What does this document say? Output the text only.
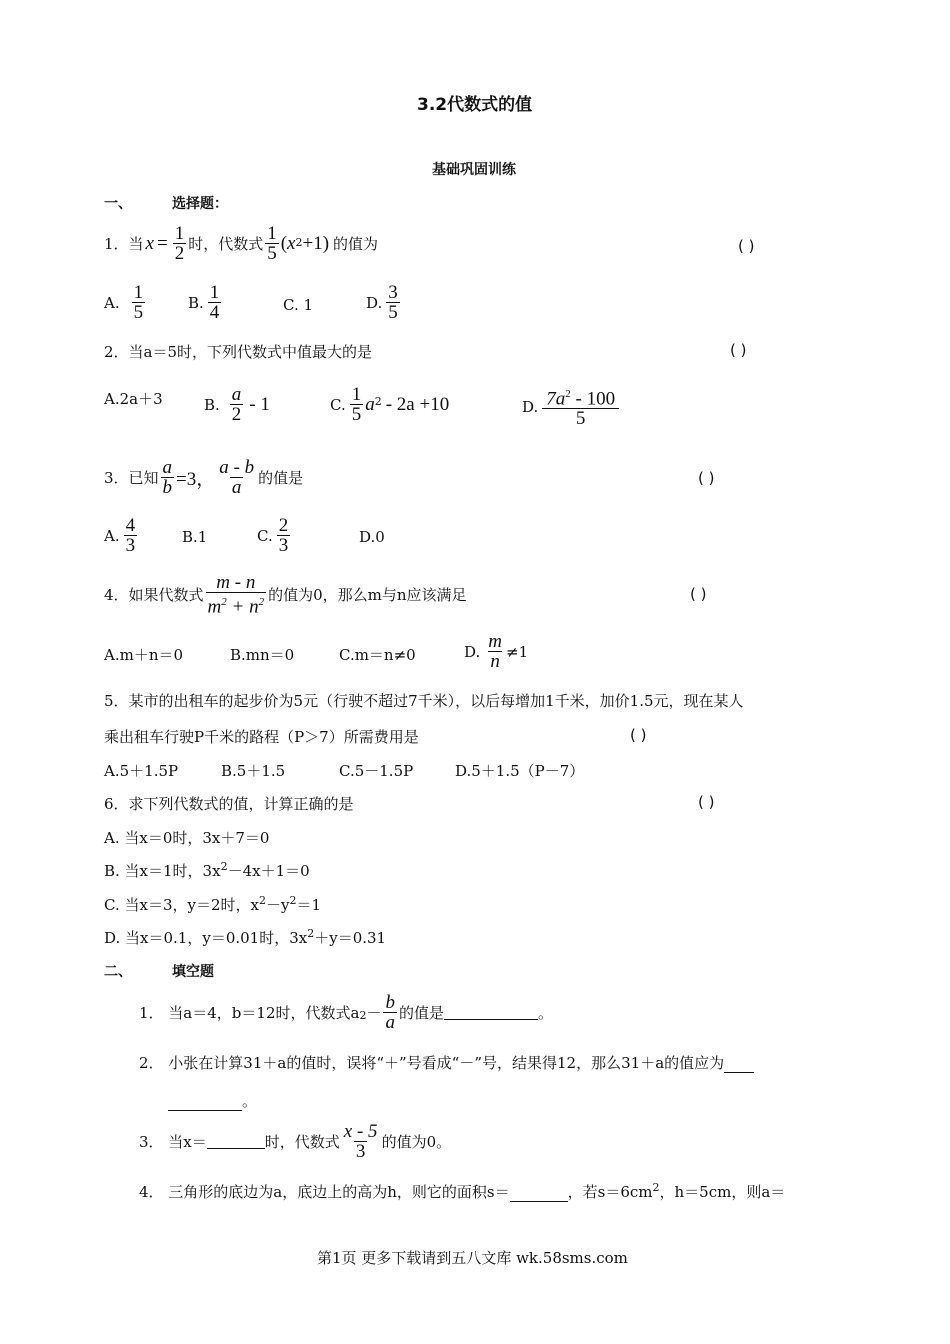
3.2代数式的值
基础巩固训练
一、	选择题：
1．当 $x = \frac{1}{2}$ 时，代数式 $\frac{1}{5}$ ( x 2 +1) 的值为	( )
A. $\frac{1}{5}$	B. $\frac{1}{4}$	C. 1	D. $\frac{3}{5}$
2．当a＝5时，下列代数式中值最大的是	( )
A.2a＋3	B. $\frac{a}{2} - 1$	C. $\frac{1}{5} a^2 - 2a +10$	D. $\frac{7a^2 - 100}{5}$
3．已知 $\frac{a}{b} =3$， $\frac{a - b}{a}$ 的值是	( )
A. $\frac{4}{3}$	B.1	C. $\frac{2}{3}$	D.0
4．如果代数式 $\frac{m - n}{m^2 + n^2}$ 的值为0，那么m与n应该满足	( )
A.m＋n＝0	B.mn＝0	C.m＝n≠0	D. $\frac{m}{n} \ne 1$
5．某市的出租车的起步价为5元（行驶不超过7千米），以后每增加1千米，加价1.5元，现在某人
乘出租车行驶P千米的路程（P＞7）所需费用是	( )
A.5＋1.5P	B.5＋1.5	C.5－1.5P	D.5＋1.5（P－7）
6．求下列代数式的值，计算正确的是	( )
A. 当x＝0时，3x＋7＝0
B. 当x＝1时，$3x^2-4x+1=0$
C. 当x＝3，y＝2时，$x^2-y^2=1$
D. 当x＝0.1，y＝0.01时，$3x^2+y=0.31$
二、	填空题
1． 当a＝4，b＝12时，代数式$a_2 - \frac{b}{a}$ 的值是	。
2． 小张在计算31＋a的值时，误将“＋”号看成“－”号，结果得12，那么31＋a的值应为
。
3． 当x＝	时，代数式 $\frac{x - 5}{3}$ 的值为0。
4． 三角形的底边为a，底边上的高为h，则它的面积s＝	，若$s=6cm^2$ ，h＝5cm，则a＝
第1页 更多下载请到五八文库 wk.58sms.com
